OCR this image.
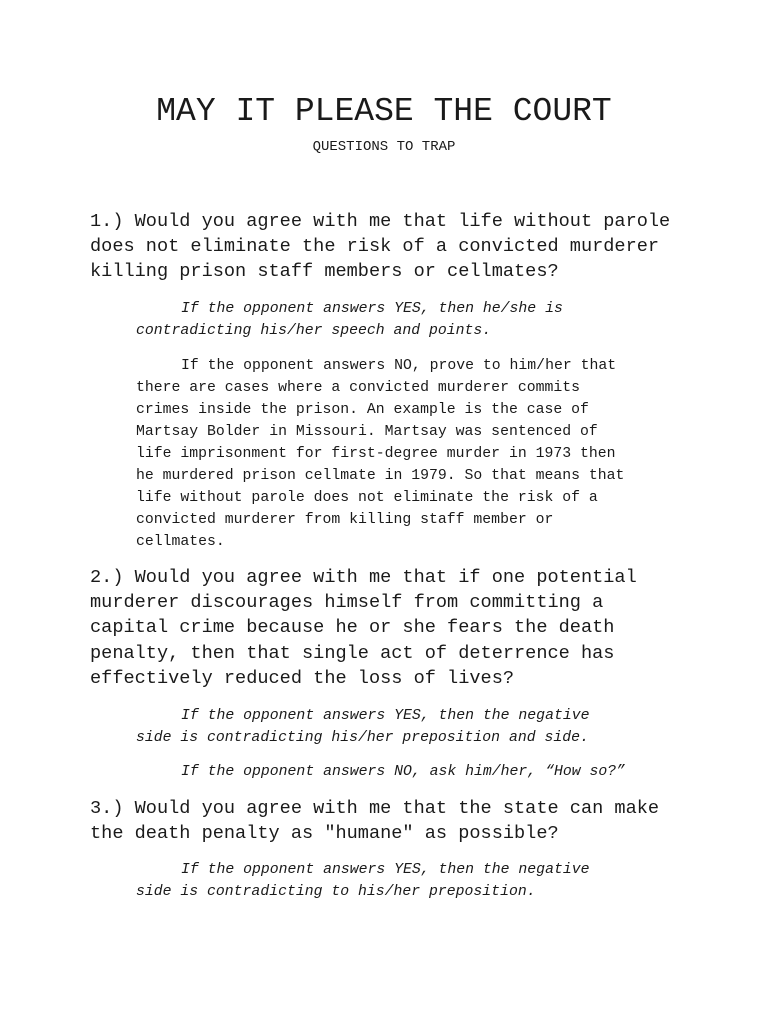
MAY IT PLEASE THE COURT
QUESTIONS TO TRAP
1.) Would you agree with me that life without parole
does not eliminate the risk of a convicted murderer
killing prison staff members or cellmates?
If the opponent answers YES, then he/she is
contradicting his/her speech and points.
If the opponent answers NO, prove to him/her that
there are cases where a convicted murderer commits
crimes inside the prison. An example is the case of
Martsay Bolder in Missouri. Martsay was sentenced of
life imprisonment for first-degree murder in 1973 then
he murdered prison cellmate in 1979. So that means that
life without parole does not eliminate the risk of a
convicted murderer from killing staff member or
cellmates.
2.) Would you agree with me that if one potential
murderer discourages himself from committing a
capital crime because he or she fears the death
penalty, then that single act of deterrence has
effectively reduced the loss of lives?
If the opponent answers YES, then the negative
side is contradicting his/her preposition and side.
If the opponent answers NO, ask him/her, “How so?”
3.) Would you agree with me that the state can make
the death penalty as "humane" as possible?
If the opponent answers YES, then the negative
side is contradicting to his/her preposition.
